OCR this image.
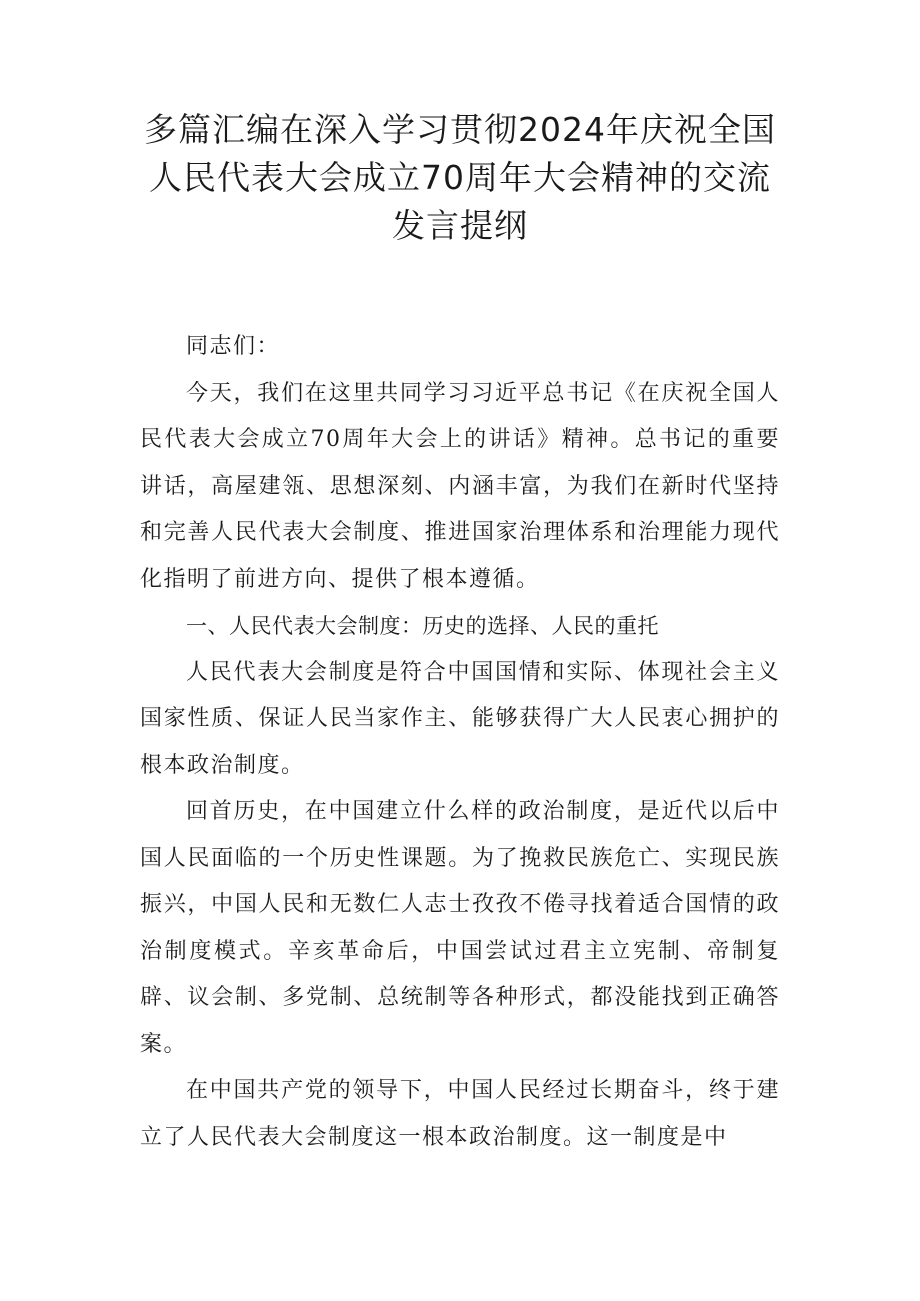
多篇汇编在深入学习贯彻2024年庆祝全国
人民代表大会成立70周年大会精神的交流
发言提纲

同志们：

今天，我们在这里共同学习习近平总书记《在庆祝全国人民代表大会成立70周年大会上的讲话》精神。总书记的重要讲话，高屋建瓴、思想深刻、内涵丰富，为我们在新时代坚持和完善人民代表大会制度、推进国家治理体系和治理能力现代化指明了前进方向、提供了根本遵循。

一、人民代表大会制度：历史的选择、人民的重托

人民代表大会制度是符合中国国情和实际、体现社会主义国家性质、保证人民当家作主、能够获得广大人民衷心拥护的根本政治制度。

回首历史，在中国建立什么样的政治制度，是近代以后中国人民面临的一个历史性课题。为了挽救民族危亡、实现民族振兴，中国人民和无数仁人志士孜孜不倦寻找着适合国情的政治制度模式。辛亥革命后，中国尝试过君主立宪制、帝制复辟、议会制、多党制、总统制等各种形式，都没能找到正确答案。

在中国共产党的领导下，中国人民经过长期奋斗，终于建立了人民代表大会制度这一根本政治制度。这一制度是中
